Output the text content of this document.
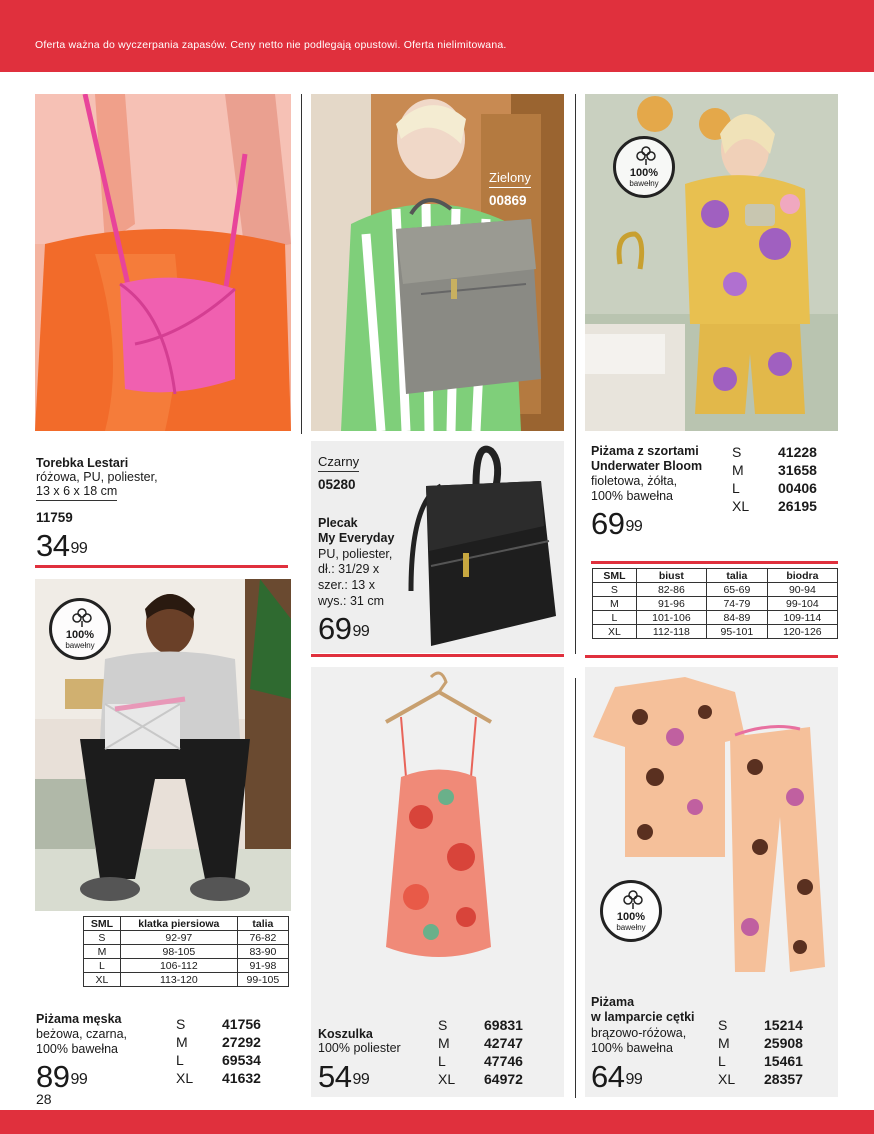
Oferta ważna do wyczerpania zapasów. Ceny netto nie podlegają opustowi. Oferta nielimitowana.
Torebka Lestari
różowa, PU, poliester,
13 x 6 x 18 cm
11759
$34^{99}$
Zielony
00869
Czarny
05280
Plecak
My Everyday
PU, poliester,
dł.: 31/29 x
szer.: 13 x
wys.: 31 cm
$69^{99}$
100%
bawełny
Piżama z szortami
Underwater Bloom
fioletowa, żółta,
100% bawełna
$69^{99}$
S	41228
M	31658
L	00406
XL	26195
SML	biust	talia	biodra
S	82-86	65-69	90-94
M	91-96	74-79	99-104
L	101-106	84-89	109-114
XL	112-118	95-101	120-126
100%
bawełny
SML	klatka piersiowa	talia
S	92-97	76-82
M	98-105	83-90
L	106-112	91-98
XL	113-120	99-105
Piżama męska
beżowa, czarna,
100% bawełna
$89^{99}$
S	41756
M	27292
L	69534
XL	41632
Koszulka
100% poliester
$54^{99}$
S	69831
M	42747
L	47746
XL	64972
100%
bawełny
Piżama
w lamparcie cętki
brązowo-różowa,
100% bawełna
$64^{99}$
S	15214
M	25908
L	15461
XL	28357
28
